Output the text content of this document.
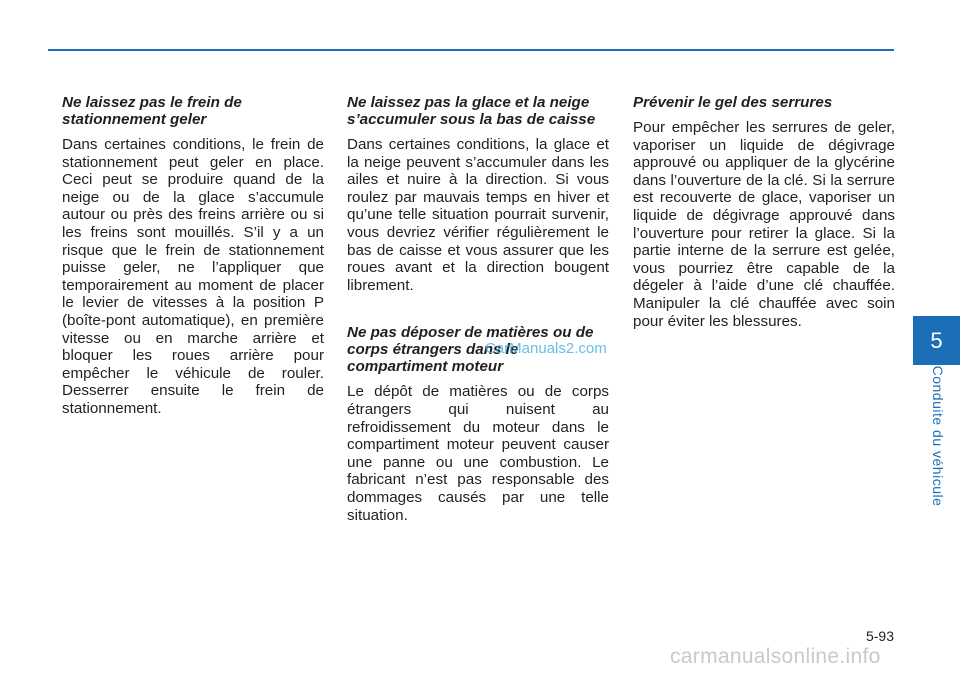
Ne laissez pas le frein de stationnement geler

Dans certaines conditions, le frein de stationnement peut geler en place. Ceci peut se produire quand de la neige ou de la glace s’accumule autour ou près des freins arrière ou si les freins sont mouillés. S’il y a un risque que le frein de stationnement puisse geler, ne l’appliquer que temporairement au moment de placer le levier de vitesses à la position P (boîte-pont automatique), en première vitesse ou en marche arrière et bloquer les roues arrière pour empêcher le véhicule de rouler. Desserrer ensuite le frein de stationnement.

Ne laissez pas la glace et la neige s’accumuler sous la bas de caisse

Dans certaines conditions, la glace et la neige peuvent s’accumuler dans les ailes et nuire à la direction. Si vous roulez par mauvais temps en hiver et qu’une telle situation pourrait survenir, vous devriez vérifier régulièrement le bas de caisse et vous assurer que les roues avant et la direction bougent librement.

Ne pas déposer de matières ou de corps étrangers dans le compartiment moteur

Le dépôt de matières ou de corps étrangers qui nuisent au refroidissement du moteur dans le compartiment moteur peuvent causer une panne ou une combustion. Le fabricant n’est pas responsable des dommages causés par une telle situation.

Prévenir le gel des serrures

Pour empêcher les serrures de geler, vaporiser un liquide de dégivrage approuvé ou appliquer de la glycérine dans l’ouverture de la clé. Si la serrure est recouverte de glace, vaporiser un liquide de dégivrage approuvé dans l’ouverture pour retirer la glace. Si la partie interne de la serrure est gelée, vous pourriez être capable de la dégeler à l’aide d’une clé chauffée. Manipuler la clé chauffée avec soin pour éviter les blessures.

5
Conduite du véhicule
5-93
CarManuals2.com
carmanualsonline.info
